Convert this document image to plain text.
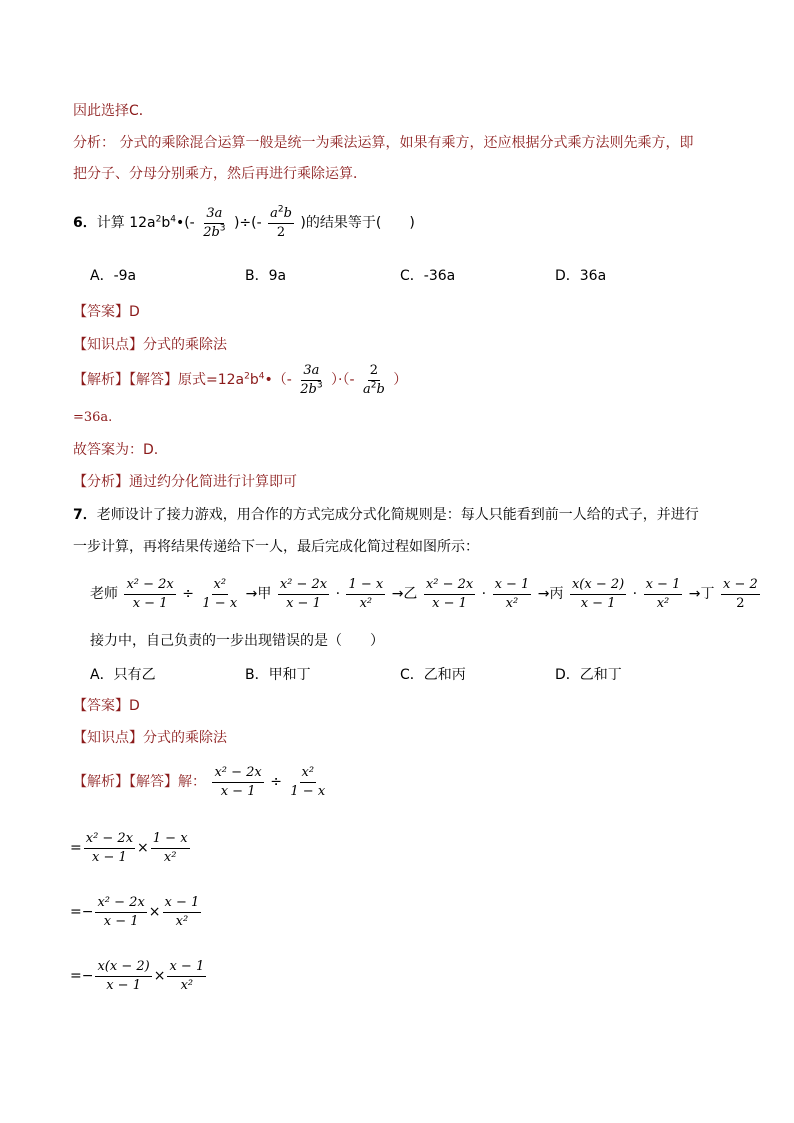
因此选择C．
分析： 分式的乘除混合运算一般是统一为乘法运算，如果有乘方，还应根据分式乘方法则先乘方，即
把分子、分母分别乘方，然后再进行乘除运算．
6．计算 $12a^2b^4•(- \frac{3a}{2b^3}$ )÷(- $\frac{a^2b}{2}$ )的结果等于(　　)
A．-9a	B．9a	C．-36a	D．36a
【答案】D
【知识点】分式的乘除法
【解析】【解答】原式$=12a^2b^4•(- \frac{3a}{2b^3}$ ）·（- $\frac{2}{a^2b}$ ）
=36a.
故答案为：D.
【分析】通过约分化简进行计算即可
7．老师设计了接力游戏，用合作的方式完成分式化简规则是：每人只能看到前一人给的式子，并进行
一步计算，再将结果传递给下一人，最后完成化简过程如图所示：
老师 $\frac{\text{x² − 2x}}{x - 1} \div \frac{\text{x²}}{1 - x}$ →甲 $\frac{\text{x² − 2x}}{x - 1} \cdot \frac{1 - x}{\text{x²}}$ →乙 $\frac{\text{x² − 2x}}{x - 1} \cdot \frac{x - 1}{\text{x²}}$ →丙 $\frac{x(x - 2)}{x - 1} \cdot \frac{x - 1}{\text{x²}}$ →丁 $\frac{x - 2}{2}$
接力中，自己负责的一步出现错误的是（　　）
A．只有乙	B．甲和丁	C．乙和丙	D．乙和丁
【答案】D
【知识点】分式的乘除法
【解析】【解答】解： $\frac{\text{x² − 2x}}{x - 1} \div \frac{\text{x²}}{1 - x}$
= $\frac{\text{x² − 2x}}{x - 1} \times \frac{1 - x}{\text{x²}}$
=− $\frac{\text{x² − 2x}}{x - 1} \times \frac{x - 1}{\text{x²}}$
=− $\frac{x(x - 2)}{x - 1} \times \frac{x - 1}{\text{x²}}$
